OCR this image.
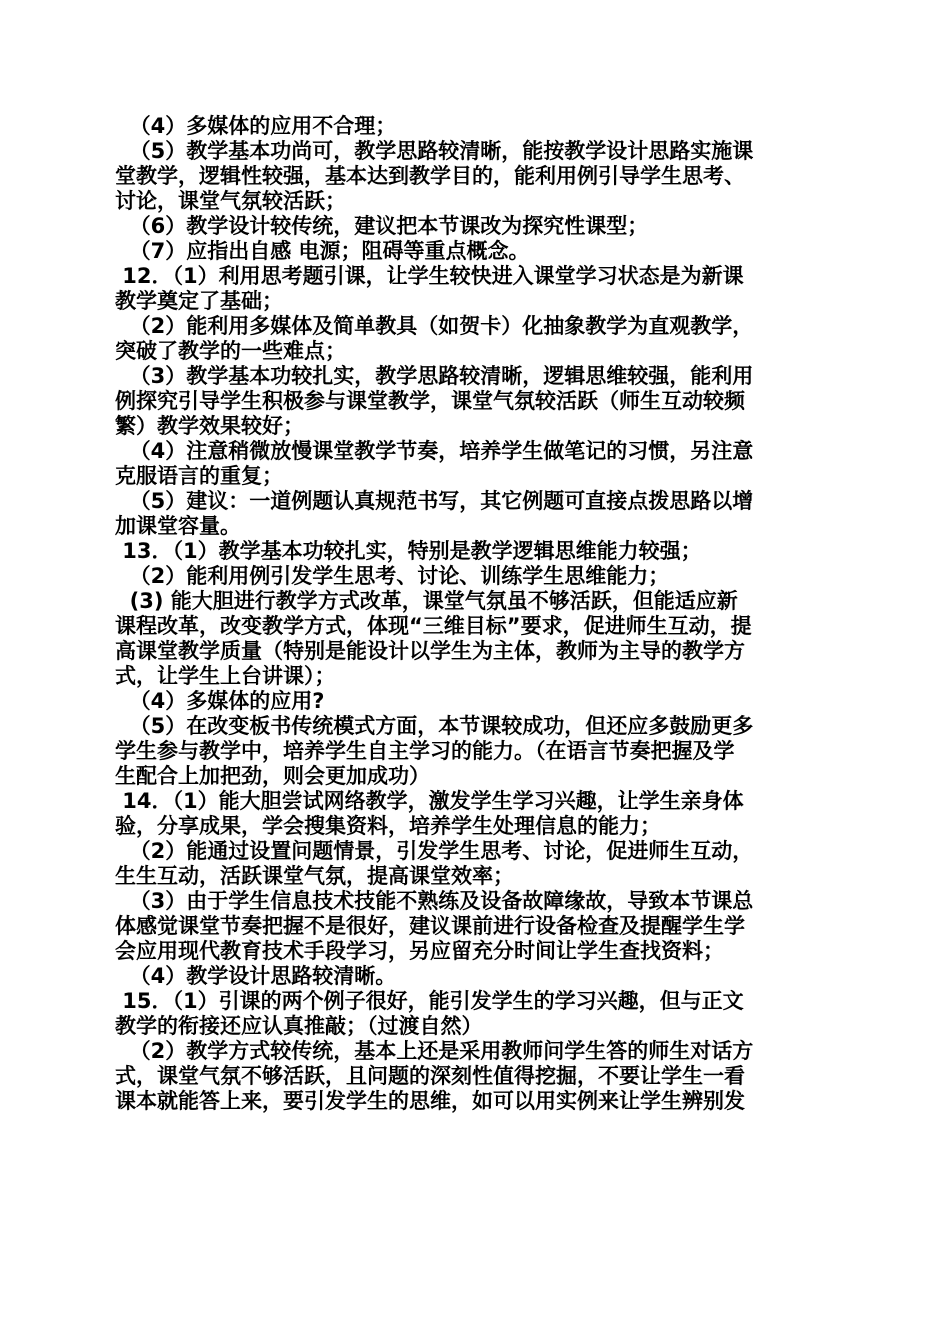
（4）多媒体的应用不合理；
（5）教学基本功尚可，教学思路较清晰，能按教学设计思路实施课
堂教学，逻辑性较强，基本达到教学目的，能利用例引导学生思考、
讨论，课堂气氛较活跃；
（6）教学设计较传统，建议把本节课改为探究性课型；
（7）应指出自感 电源；阻碍等重点概念。
12．（1）利用思考题引课，让学生较快进入课堂学习状态是为新课
教学奠定了基础；
（2）能利用多媒体及简单教具（如贺卡）化抽象教学为直观教学，
突破了教学的一些难点；
（3）教学基本功较扎实，教学思路较清晰，逻辑思维较强，能利用
例探究引导学生积极参与课堂教学，课堂气氛较活跃（师生互动较频
繁）教学效果较好；
（4）注意稍微放慢课堂教学节奏，培养学生做笔记的习惯，另注意
克服语言的重复；
（5）建议：一道例题认真规范书写，其它例题可直接点拨思路以增
加课堂容量。
13．（1）教学基本功较扎实，特别是教学逻辑思维能力较强；
（2）能利用例引发学生思考、讨论、训练学生思维能力；
(3) 能大胆进行教学方式改革，课堂气氛虽不够活跃，但能适应新
课程改革，改变教学方式，体现“三维目标”要求，促进师生互动，提
高课堂教学质量（特别是能设计以学生为主体，教师为主导的教学方
式，让学生上台讲课）；
（4）多媒体的应用?
（5）在改变板书传统模式方面，本节课较成功，但还应多鼓励更多
学生参与教学中，培养学生自主学习的能力。（在语言节奏把握及学
生配合上加把劲，则会更加成功）
14．（1）能大胆尝试网络教学，激发学生学习兴趣，让学生亲身体
验，分享成果，学会搜集资料，培养学生处理信息的能力；
（2）能通过设置问题情景，引发学生思考、讨论，促进师生互动，
生生互动，活跃课堂气氛，提高课堂效率；
（3）由于学生信息技术技能不熟练及设备故障缘故，导致本节课总
体感觉课堂节奏把握不是很好，建议课前进行设备检查及提醒学生学
会应用现代教育技术手段学习，另应留充分时间让学生查找资料；
（4）教学设计思路较清晰。
15．（1）引课的两个例子很好，能引发学生的学习兴趣，但与正文
教学的衔接还应认真推敲；（过渡自然）
（2）教学方式较传统，基本上还是采用教师问学生答的师生对话方
式，课堂气氛不够活跃，且问题的深刻性值得挖掘，不要让学生一看
课本就能答上来，要引发学生的思维，如可以用实例来让学生辨别发
